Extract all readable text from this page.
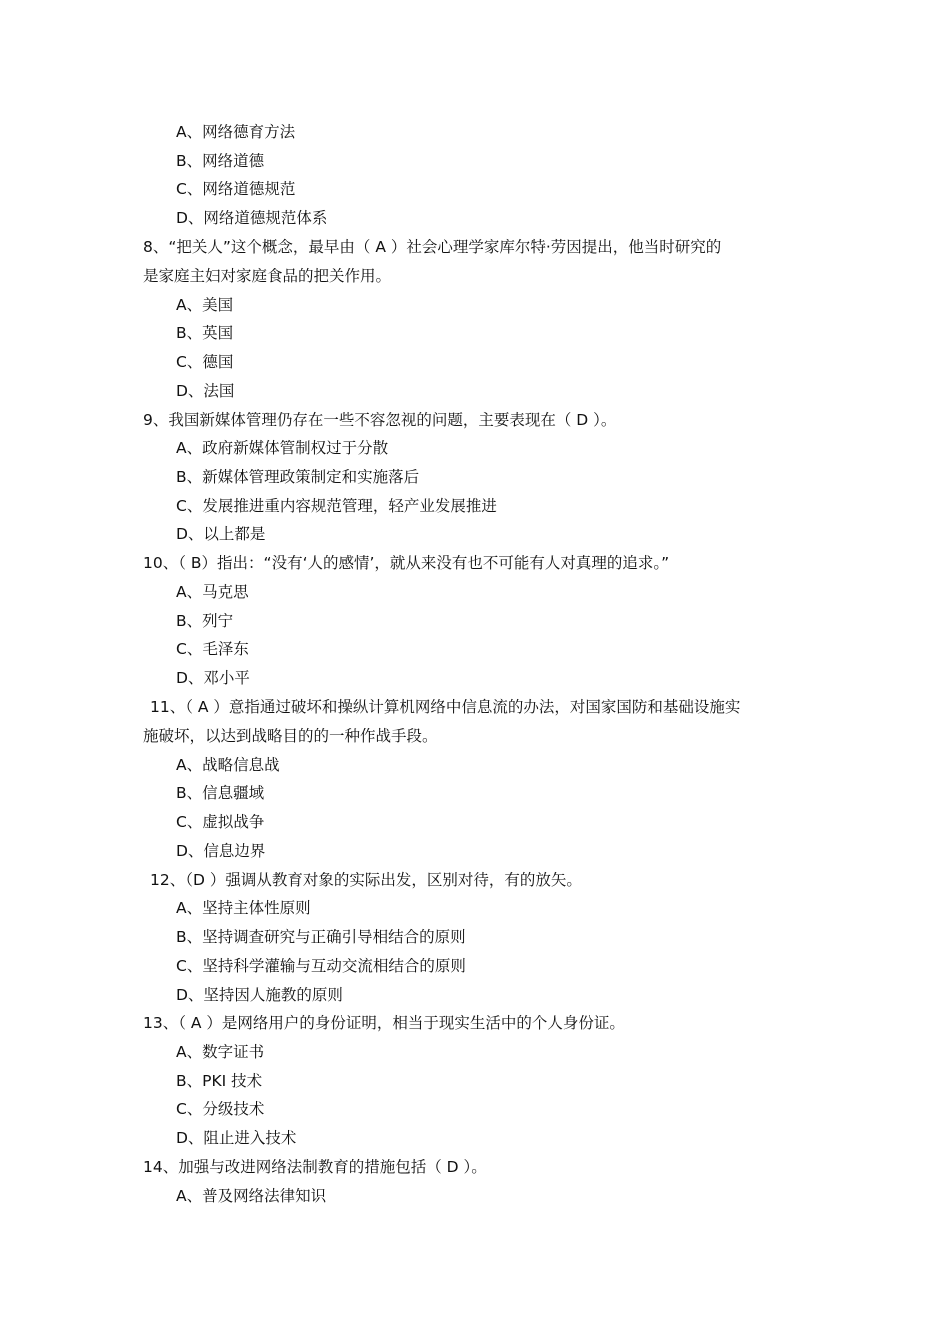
A、网络德育方法
B、网络道德
C、网络道德规范
D、网络道德规范体系
8、“把关人”这个概念，最早由（ A ）社会心理学家库尔特·劳因提出，他当时研究的
是家庭主妇对家庭食品的把关作用。
A、美国
B、英国
C、德国
D、法国
9、我国新媒体管理仍存在一些不容忽视的问题，主要表现在（ D ）。
A、政府新媒体管制权过于分散
B、新媒体管理政策制定和实施落后
C、发展推进重内容规范管理，轻产业发展推进
D、以上都是
10、（ B）指出：“没有‘人的感情’，就从来没有也不可能有人对真理的追求。”
A、马克思
B、列宁
C、毛泽东
D、邓小平
11、（ A ）意指通过破坏和操纵计算机网络中信息流的办法，对国家国防和基础设施实
施破坏，以达到战略目的的一种作战手段。
A、战略信息战
B、信息疆域
C、虚拟战争
D、信息边界
12、（D ）强调从教育对象的实际出发，区别对待，有的放矢。
A、坚持主体性原则
B、坚持调查研究与正确引导相结合的原则
C、坚持科学灌输与互动交流相结合的原则
D、坚持因人施教的原则
13、（ A ）是网络用户的身份证明，相当于现实生活中的个人身份证。
A、数字证书
B、PKI 技术
C、分级技术
D、阻止进入技术
14、加强与改进网络法制教育的措施包括（ D ）。
A、普及网络法律知识
